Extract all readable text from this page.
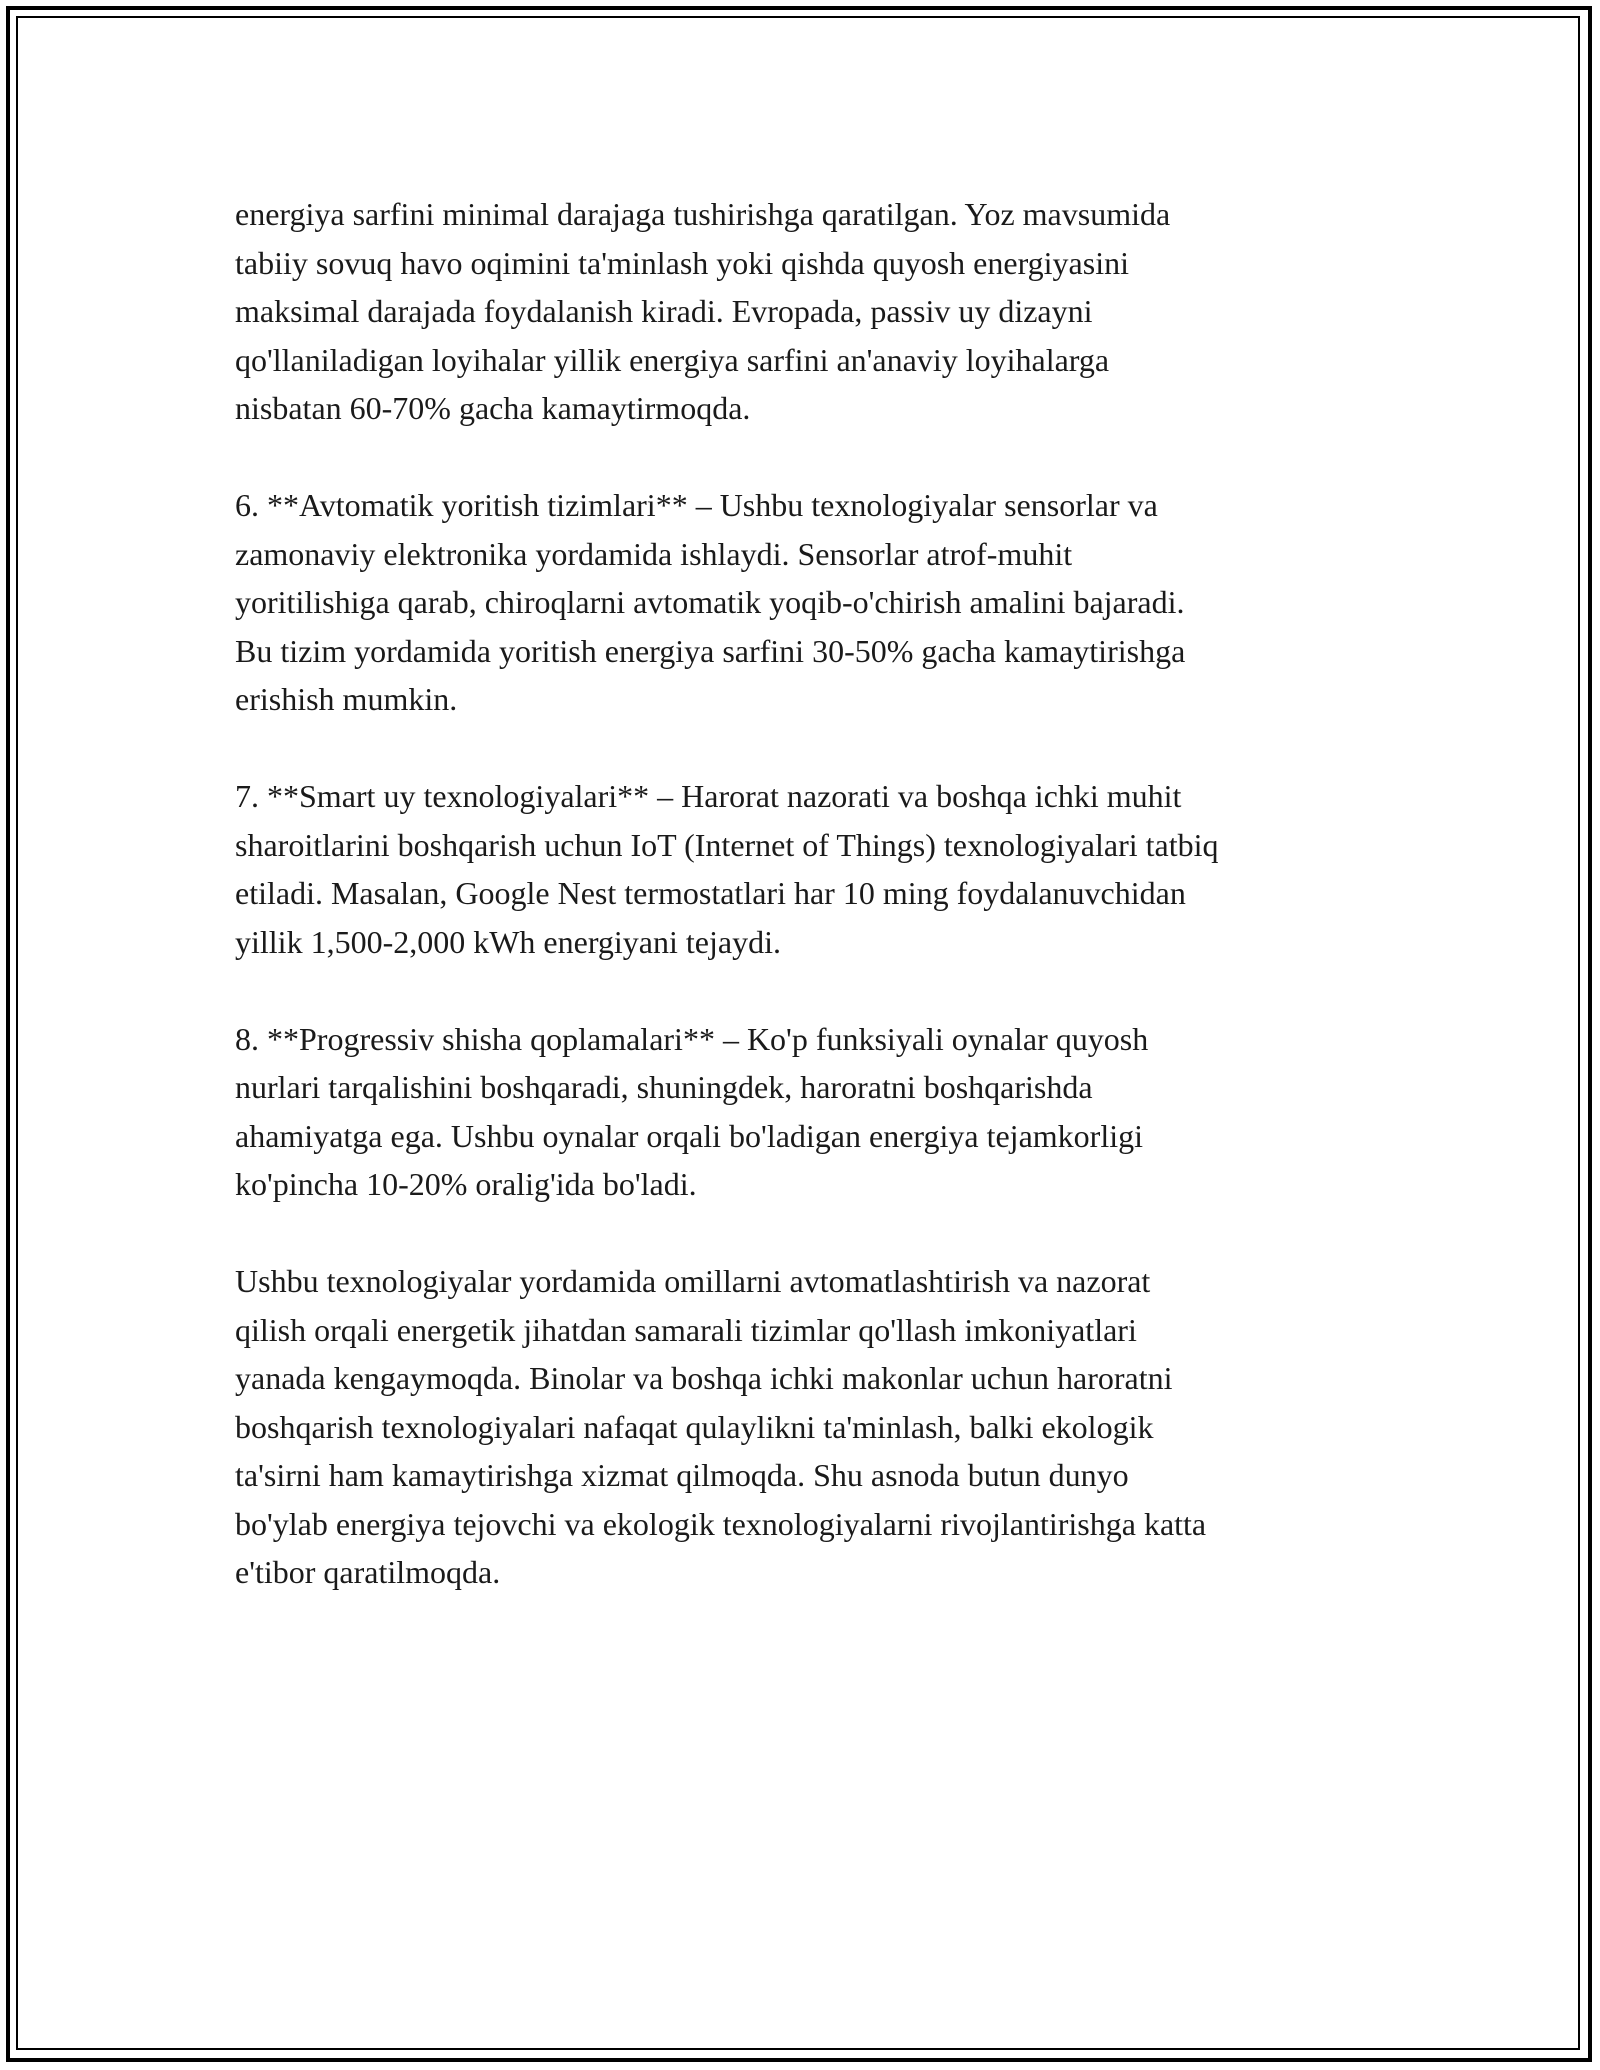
energiya sarfini minimal darajaga tushirishga qaratilgan. Yoz mavsumida
tabiiy sovuq havo oqimini ta'minlash yoki qishda quyosh energiyasini
maksimal darajada foydalanish kiradi. Evropada, passiv uy dizayni
qo'llaniladigan loyihalar yillik energiya sarfini an'anaviy loyihalarga
nisbatan 60-70% gacha kamaytirmoqda.

6. **Avtomatik yoritish tizimlari** – Ushbu texnologiyalar sensorlar va
zamonaviy elektronika yordamida ishlaydi. Sensorlar atrof-muhit
yoritilishiga qarab, chiroqlarni avtomatik yoqib-o'chirish amalini bajaradi.
Bu tizim yordamida yoritish energiya sarfini 30-50% gacha kamaytirishga
erishish mumkin.

7. **Smart uy texnologiyalari** – Harorat nazorati va boshqa ichki muhit
sharoitlarini boshqarish uchun IoT (Internet of Things) texnologiyalari tatbiq
etiladi. Masalan, Google Nest termostatlari har 10 ming foydalanuvchidan
yillik 1,500-2,000 kWh energiyani tejaydi.

8. **Progressiv shisha qoplamalari** – Ko'p funksiyali oynalar quyosh
nurlari tarqalishini boshqaradi, shuningdek, haroratni boshqarishda
ahamiyatga ega. Ushbu oynalar orqali bo'ladigan energiya tejamkorligi
ko'pincha 10-20% oralig'ida bo'ladi.

Ushbu texnologiyalar yordamida omillarni avtomatlashtirish va nazorat
qilish orqali energetik jihatdan samarali tizimlar qo'llash imkoniyatlari
yanada kengaymoqda. Binolar va boshqa ichki makonlar uchun haroratni
boshqarish texnologiyalari nafaqat qulaylikni ta'minlash, balki ekologik
ta'sirni ham kamaytirishga xizmat qilmoqda. Shu asnoda butun dunyo
bo'ylab energiya tejovchi va ekologik texnologiyalarni rivojlantirishga katta
e'tibor qaratilmoqda.
